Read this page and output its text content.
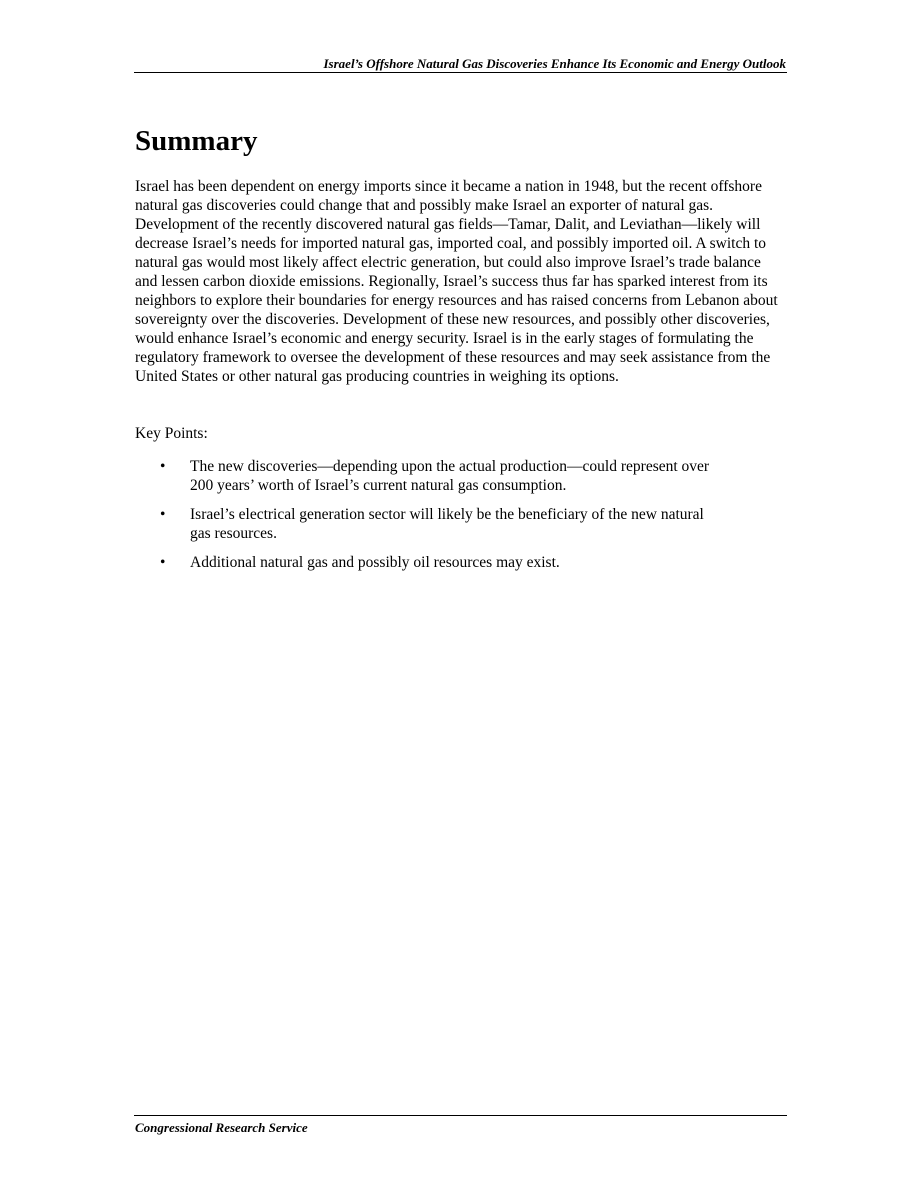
Israel’s Offshore Natural Gas Discoveries Enhance Its Economic and Energy Outlook
Summary

Israel has been dependent on energy imports since it became a nation in 1948, but the recent offshore natural gas discoveries could change that and possibly make Israel an exporter of natural gas. Development of the recently discovered natural gas fields—Tamar, Dalit, and Leviathan—likely will decrease Israel’s needs for imported natural gas, imported coal, and possibly imported oil. A switch to natural gas would most likely affect electric generation, but could also improve Israel’s trade balance and lessen carbon dioxide emissions. Regionally, Israel’s success thus far has sparked interest from its neighbors to explore their boundaries for energy resources and has raised concerns from Lebanon about sovereignty over the discoveries. Development of these new resources, and possibly other discoveries, would enhance Israel’s economic and energy security. Israel is in the early stages of formulating the regulatory framework to oversee the development of these resources and may seek assistance from the United States or other natural gas producing countries in weighing its options.

Key Points:

• The new discoveries—depending upon the actual production—could represent over 200 years’ worth of Israel’s current natural gas consumption.
• Israel’s electrical generation sector will likely be the beneficiary of the new natural gas resources.
• Additional natural gas and possibly oil resources may exist.
Congressional Research Service
